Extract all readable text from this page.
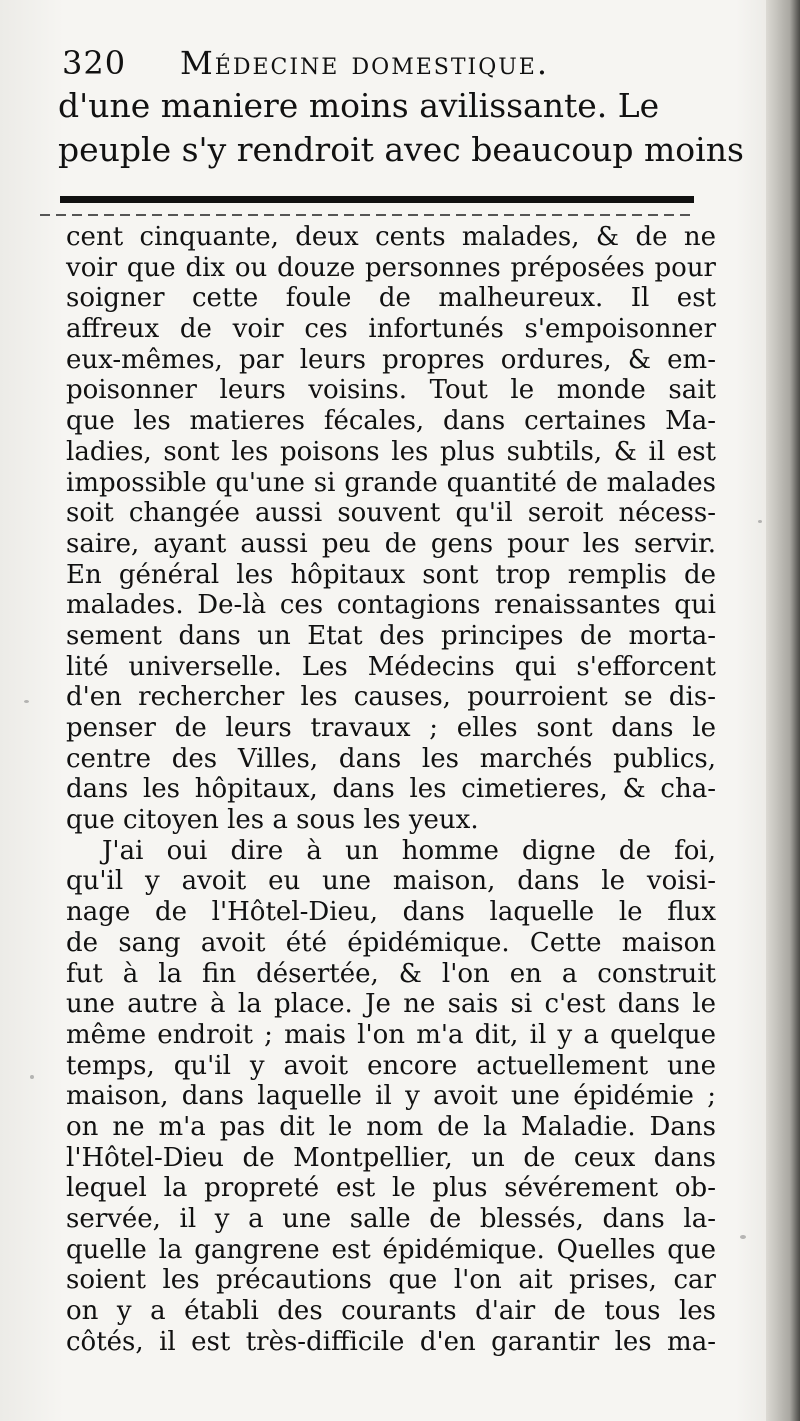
320 Médecine domestique.
d'une maniere moins avilissante. Le
peuple s'y rendroit avec beaucoup moins
cent cinquante, deux cents malades, & de ne
voir que dix ou douze personnes préposées pour
soigner cette foule de malheureux. Il est
affreux de voir ces infortunés s'empoisonner
eux-mêmes, par leurs propres ordures, & em-
poisonner leurs voisins. Tout le monde sait
que les matieres fécales, dans certaines Ma-
ladies, sont les poisons les plus subtils, & il est
impossible qu'une si grande quantité de malades
soit changée aussi souvent qu'il seroit nécess-
saire, ayant aussi peu de gens pour les servir.
En général les hôpitaux sont trop remplis de
malades. De-là ces contagions renaissantes qui
sement dans un Etat des principes de morta-
lité universelle. Les Médecins qui s'efforcent
d'en rechercher les causes, pourroient se dis-
penser de leurs travaux ; elles sont dans le
centre des Villes, dans les marchés publics,
dans les hôpitaux, dans les cimetieres, & cha-
que citoyen les a sous les yeux.
J'ai oui dire à un homme digne de foi,
qu'il y avoit eu une maison, dans le voisi-
nage de l'Hôtel-Dieu, dans laquelle le flux
de sang avoit été épidémique. Cette maison
fut à la fin désertée, & l'on en a construit
une autre à la place. Je ne sais si c'est dans le
même endroit ; mais l'on m'a dit, il y a quelque
temps, qu'il y avoit encore actuellement une
maison, dans laquelle il y avoit une épidémie ;
on ne m'a pas dit le nom de la Maladie. Dans
l'Hôtel-Dieu de Montpellier, un de ceux dans
lequel la propreté est le plus sévérement ob-
servée, il y a une salle de blessés, dans la-
quelle la gangrene est épidémique. Quelles que
soient les précautions que l'on ait prises, car
on y a établi des courants d'air de tous les
côtés, il est très-difficile d'en garantir les ma-
